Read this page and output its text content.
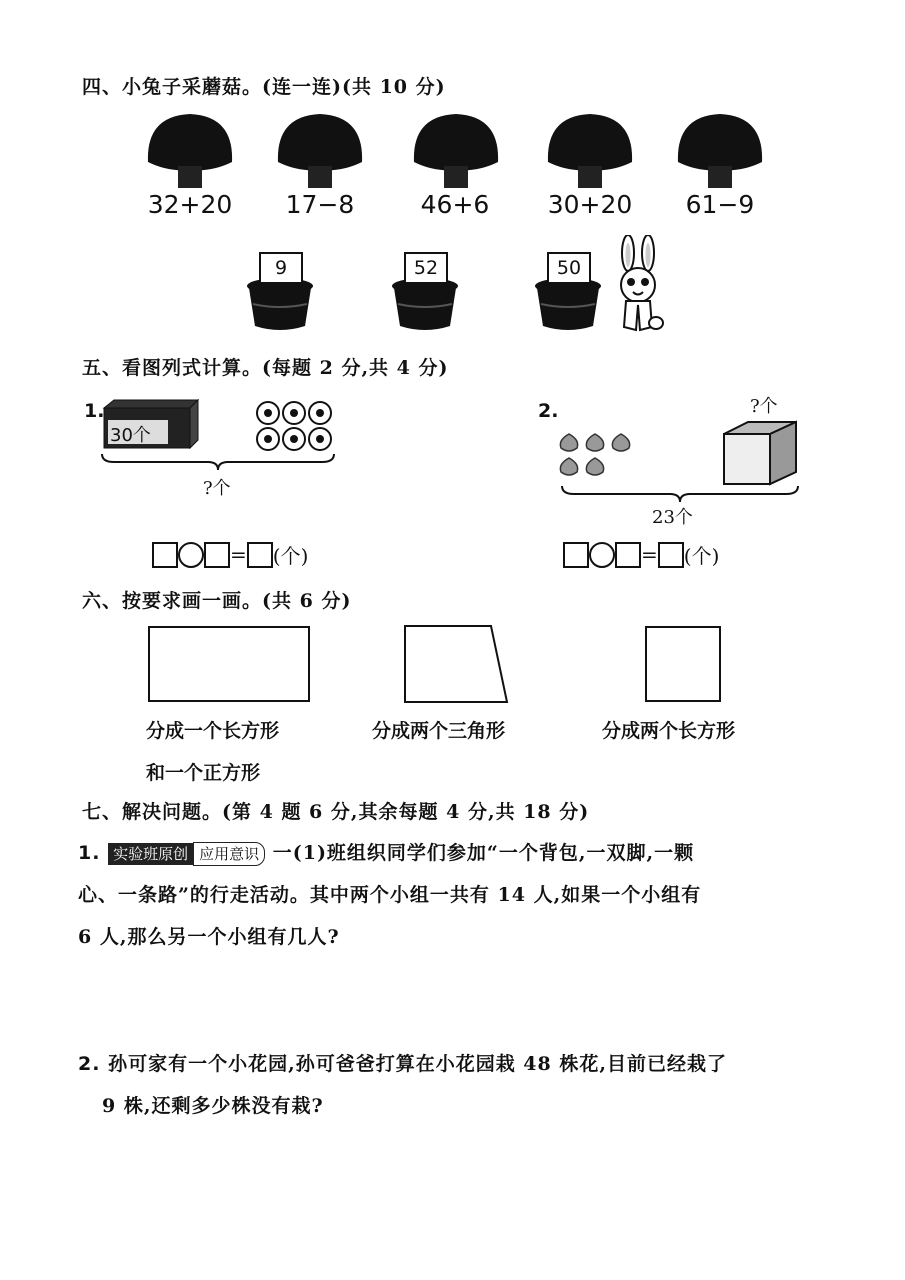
四、小兔子采蘑菇。(连一连)(共 10 分)
32+20	17−8	46+6	30+20	61−9
9	52	50
五、看图列式计算。(每题 2 分,共 4 分)
1.
30个
?个
= (个)
2.	?个
23个
= (个)
六、按要求画一画。(共 6 分)
分成一个长方形
和一个正方形
分成两个三角形	分成两个长方形
七、解决问题。(第 4 题 6 分,其余每题 4 分,共 18 分)
1. 实验班原创 应用意识 一(1)班组织同学们参加“一个背包,一双脚,一颗
心、一条路”的行走活动。其中两个小组一共有 14 人,如果一个小组有
6 人,那么另一个小组有几人?
2. 孙可家有一个小花园,孙可爸爸打算在小花园栽 48 株花,目前已经栽了
9 株,还剩多少株没有栽?
